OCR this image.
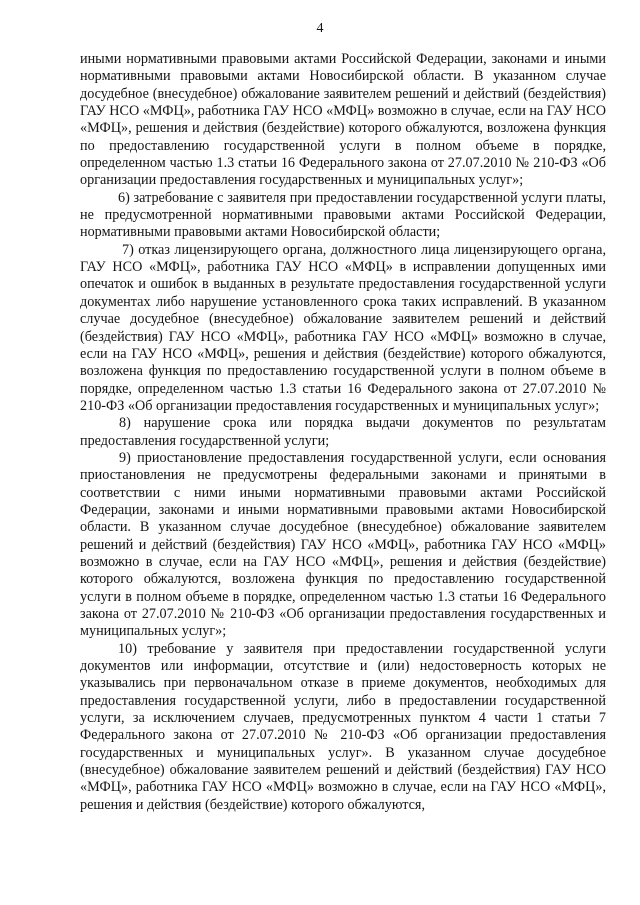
4

иными нормативными правовыми актами Российской Федерации, законами и иными нормативными правовыми актами Новосибирской области. В указанном случае досудебное (внесудебное) обжалование заявителем решений и действий (бездействия) ГАУ НСО «МФЦ», работника ГАУ НСО «МФЦ» возможно в случае, если на ГАУ НСО «МФЦ», решения и действия (бездействие) которого обжалуются, возложена функция по предоставлению государственной услуги в полном объеме в порядке, определенном частью 1.3 статьи 16 Федерального закона от 27.07.2010 № 210-ФЗ «Об организации предоставления государственных и муниципальных услуг»;

6) затребование с заявителя при предоставлении государственной услуги платы, не предусмотренной нормативными правовыми актами Российской Федерации, нормативными правовыми актами Новосибирской области;

7) отказ лицензирующего органа, должностного лица лицензирующего органа, ГАУ НСО «МФЦ», работника ГАУ НСО «МФЦ» в исправлении допущенных ими опечаток и ошибок в выданных в результате предоставления государственной услуги документах либо нарушение установленного срока таких исправлений. В указанном случае досудебное (внесудебное) обжалование заявителем решений и действий (бездействия) ГАУ НСО «МФЦ», работника ГАУ НСО «МФЦ» возможно в случае, если на ГАУ НСО «МФЦ», решения и действия (бездействие) которого обжалуются, возложена функция по предоставлению государственной услуги в полном объеме в порядке, определенном частью 1.3 статьи 16 Федерального закона от 27.07.2010 № 210-ФЗ «Об организации предоставления государственных и муниципальных услуг»;

8) нарушение срока или порядка выдачи документов по результатам предоставления государственной услуги;

9) приостановление предоставления государственной услуги, если основания приостановления не предусмотрены федеральными законами и принятыми в соответствии с ними иными нормативными правовыми актами Российской Федерации, законами и иными нормативными правовыми актами Новосибирской области. В указанном случае досудебное (внесудебное) обжалование заявителем решений и действий (бездействия) ГАУ НСО «МФЦ», работника ГАУ НСО «МФЦ» возможно в случае, если на ГАУ НСО «МФЦ», решения и действия (бездействие) которого обжалуются, возложена функция по предоставлению государственной услуги в полном объеме в порядке, определенном частью 1.3 статьи 16 Федерального закона от 27.07.2010 № 210-ФЗ «Об организации предоставления государственных и муниципальных услуг»;

10) требование у заявителя при предоставлении государственной услуги документов или информации, отсутствие и (или) недостоверность которых не указывались при первоначальном отказе в приеме документов, необходимых для предоставления государственной услуги, либо в предоставлении государственной услуги, за исключением случаев, предусмотренных пунктом 4 части 1 статьи 7 Федерального закона от 27.07.2010 № 210-ФЗ «Об организации предоставления государственных и муниципальных услуг». В указанном случае досудебное (внесудебное) обжалование заявителем решений и действий (бездействия) ГАУ НСО «МФЦ», работника ГАУ НСО «МФЦ» возможно в случае, если на ГАУ НСО «МФЦ», решения и действия (бездействие) которого обжалуются,
